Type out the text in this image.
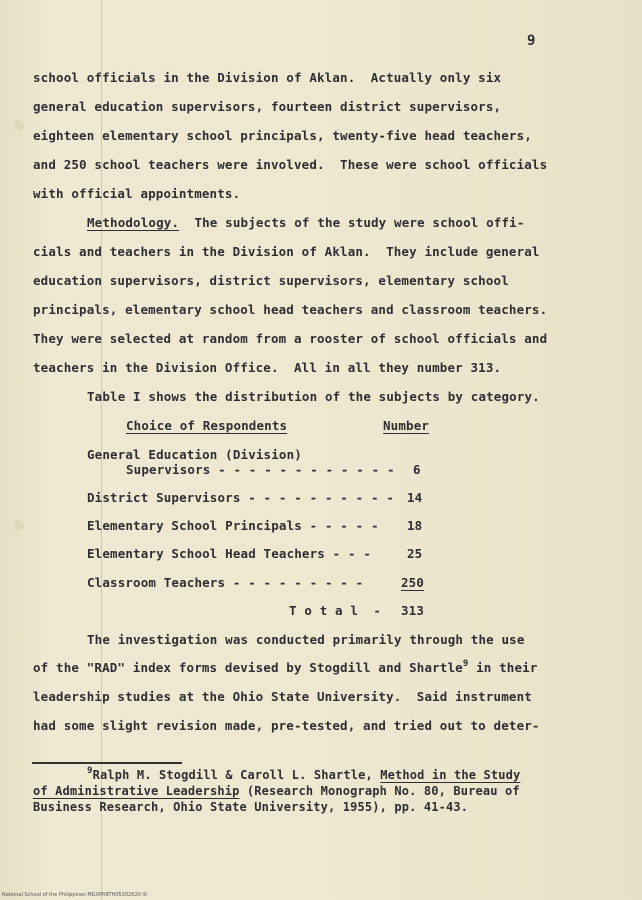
9
school officials in the Division of Aklan.  Actually only six
general education supervisors, fourteen district supervisors,
eighteen elementary school principals, twenty-five head teachers,
and 250 school teachers were involved.  These were school officials
with official appointments.
Methodology.  The subjects of the study were school offi-
cials and teachers in the Division of Aklan.  They include general
education supervisors, district supervisors, elementary school
principals, elementary school head teachers and classroom teachers.
They were selected at random from a rooster of school officials and
teachers in the Division Office.  All in all they number 313.
Table I shows the distribution of the subjects by category.
Choice of Respondents	Number
General Education (Division)
Supervisors - - - - - - - - - - - - 6
District Supervisors - - - - - - - - - - 14
Elementary School Principals - - - - - 18
Elementary School Head Teachers - - -	25
Classroom Teachers - - - - - - - - -	250
T o t a l  - 313
The investigation was conducted primarily through the use
of the "RAD" index forms devised by Stogdill and Shartle$^9$ in their
leadership studies at the Ohio State University.  Said instrument
had some slight revision made, pre-tested, and tried out to deter-
$^9$Ralph M. Stogdill & Caroll L. Shartle, Method in the Study
of Administrative Leadership (Research Monograph No. 80, Bureau of
Business Research, Ohio State University, 1955), pp. 41-43.
National School of the Philippines MGXPRRTH05202020 lit
